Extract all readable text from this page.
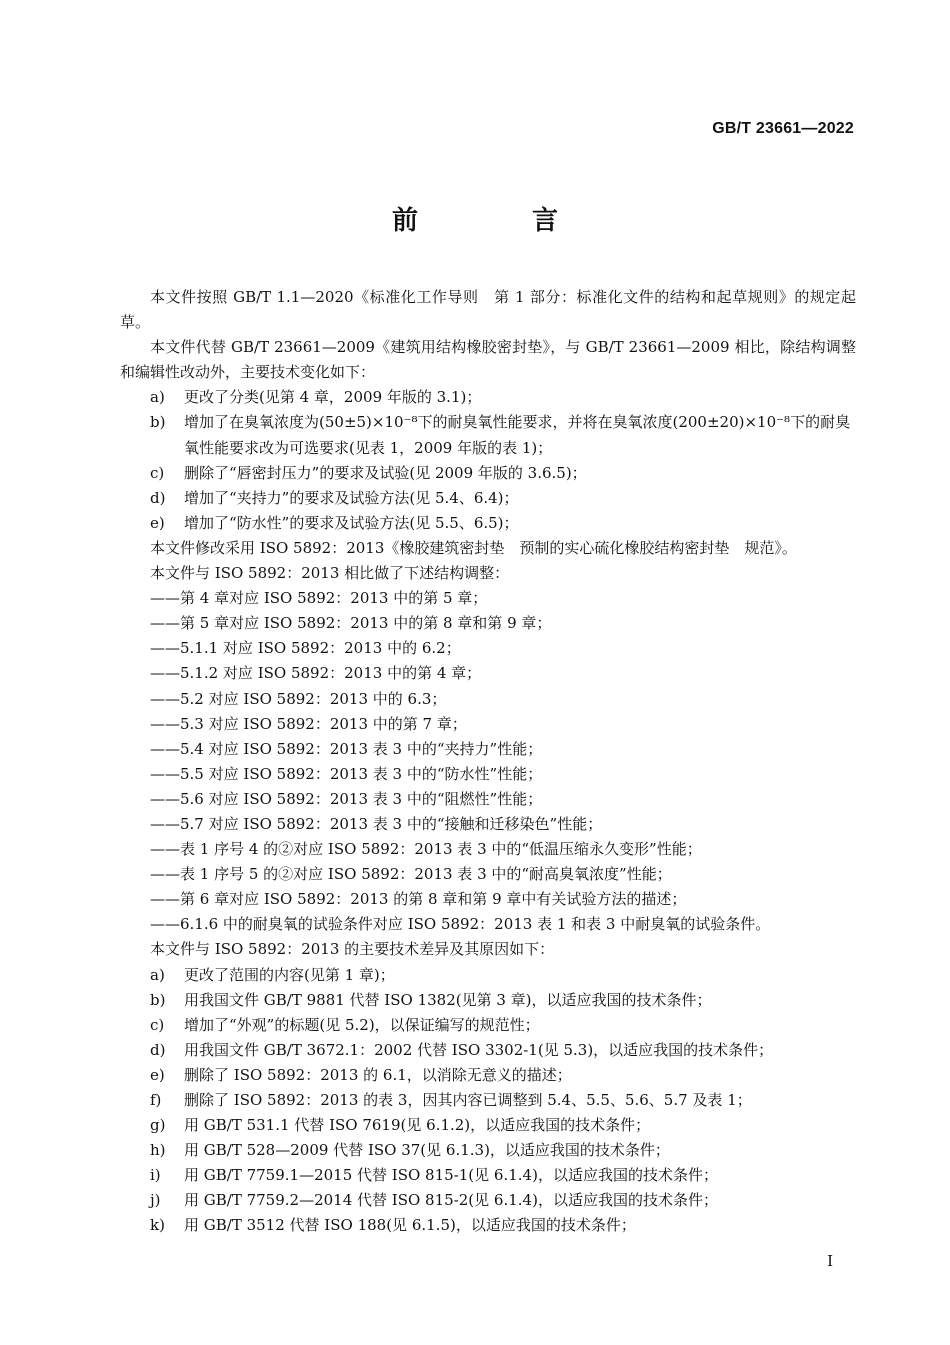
GB/T 23661—2022
前　言

本文件按照 GB/T 1.1—2020《标准化工作导则　第 1 部分：标准化文件的结构和起草规则》的规定起草。

本文件代替 GB/T 23661—2009《建筑用结构橡胶密封垫》，与 GB/T 23661—2009 相比，除结构调整和编辑性改动外，主要技术变化如下：

a) 更改了分类(见第 4 章，2009 年版的 3.1)；

b) 增加了在臭氧浓度为(50±5)×10⁻⁸下的耐臭氧性能要求，并将在臭氧浓度(200±20)×10⁻⁸下的耐臭氧性能要求改为可选要求(见表 1，2009 年版的表 1)；

c) 删除了“唇密封压力”的要求及试验(见 2009 年版的 3.6.5)；

d) 增加了“夹持力”的要求及试验方法(见 5.4、6.4)；

e) 增加了“防水性”的要求及试验方法(见 5.5、6.5)；

本文件修改采用 ISO 5892：2013《橡胶建筑密封垫　预制的实心硫化橡胶结构密封垫　规范》。

本文件与 ISO 5892：2013 相比做了下述结构调整：

——第 4 章对应 ISO 5892：2013 中的第 5 章；

——第 5 章对应 ISO 5892：2013 中的第 8 章和第 9 章；

——5.1.1 对应 ISO 5892：2013 中的 6.2；

——5.1.2 对应 ISO 5892：2013 中的第 4 章；

——5.2 对应 ISO 5892：2013 中的 6.3；

——5.3 对应 ISO 5892：2013 中的第 7 章；

——5.4 对应 ISO 5892：2013 表 3 中的“夹持力”性能；

——5.5 对应 ISO 5892：2013 表 3 中的“防水性”性能；

——5.6 对应 ISO 5892：2013 表 3 中的“阻燃性”性能；

——5.7 对应 ISO 5892：2013 表 3 中的“接触和迁移染色”性能；

——表 1 序号 4 的②对应 ISO 5892：2013 表 3 中的“低温压缩永久变形”性能；

——表 1 序号 5 的②对应 ISO 5892：2013 表 3 中的“耐高臭氧浓度”性能；

——第 6 章对应 ISO 5892：2013 的第 8 章和第 9 章中有关试验方法的描述；

——6.1.6 中的耐臭氧的试验条件对应 ISO 5892：2013 表 1 和表 3 中耐臭氧的试验条件。

本文件与 ISO 5892：2013 的主要技术差异及其原因如下：

a) 更改了范围的内容(见第 1 章)；

b) 用我国文件 GB/T 9881 代替 ISO 1382(见第 3 章)，以适应我国的技术条件；

c) 增加了“外观”的标题(见 5.2)，以保证编写的规范性；

d) 用我国文件 GB/T 3672.1：2002 代替 ISO 3302-1(见 5.3)，以适应我国的技术条件；

e) 删除了 ISO 5892：2013 的 6.1，以消除无意义的描述；

f) 删除了 ISO 5892：2013 的表 3，因其内容已调整到 5.4、5.5、5.6、5.7 及表 1；

g) 用 GB/T 531.1 代替 ISO 7619(见 6.1.2)，以适应我国的技术条件；

h) 用 GB/T 528—2009 代替 ISO 37(见 6.1.3)，以适应我国的技术条件；

i) 用 GB/T 7759.1—2015 代替 ISO 815-1(见 6.1.4)，以适应我国的技术条件；

j) 用 GB/T 7759.2—2014 代替 ISO 815-2(见 6.1.4)，以适应我国的技术条件；

k) 用 GB/T 3512 代替 ISO 188(见 6.1.5)，以适应我国的技术条件；

I
